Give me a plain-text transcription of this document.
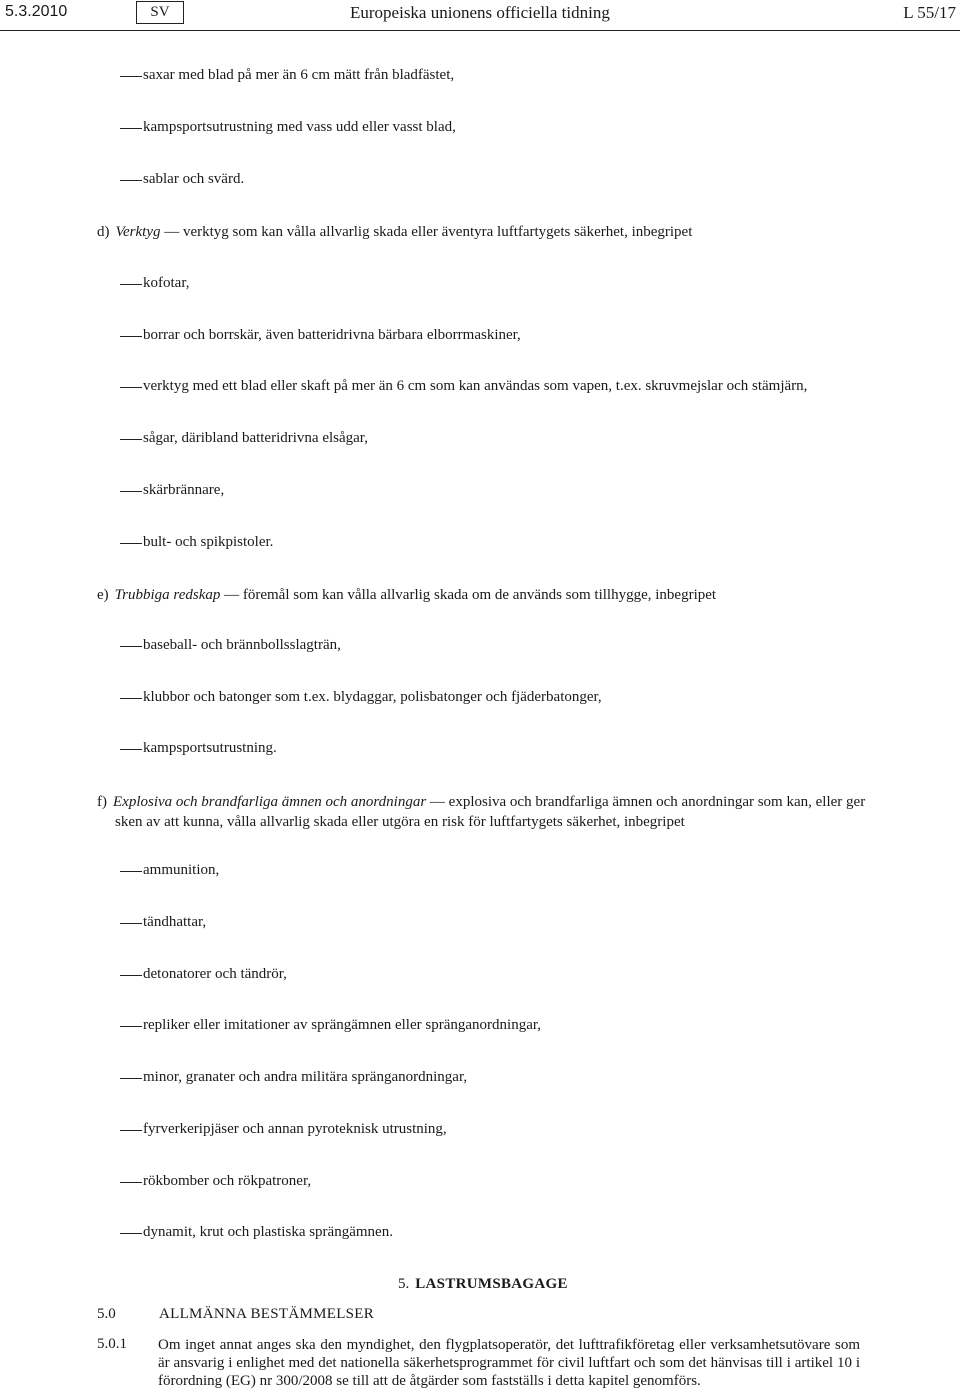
5.3.2010	SV	Europeiska unionens officiella tidning	L 55/17
saxar med blad på mer än 6 cm mätt från bladfästet,
kampsportsutrustning med vass udd eller vasst blad,
sablar och svärd.
d) Verktyg — verktyg som kan vålla allvarlig skada eller äventyra luftfartygets säkerhet, inbegripet
kofotar,
borrar och borrskär, även batteridrivna bärbara elborrmaskiner,
verktyg med ett blad eller skaft på mer än 6 cm som kan användas som vapen, t.ex. skruvmejslar och stämjärn,
sågar, däribland batteridrivna elsågar,
skärbrännare,
bult- och spikpistoler.
e) Trubbiga redskap — föremål som kan vålla allvarlig skada om de används som tillhygge, inbegripet
baseball- och brännbollsslagträn,
klubbor och batonger som t.ex. blydaggar, polisbatonger och fjäderbatonger,
kampsportsutrustning.
f) Explosiva och brandfarliga ämnen och anordningar — explosiva och brandfarliga ämnen och anordningar som kan, eller ger sken av att kunna, vålla allvarlig skada eller utgöra en risk för luftfartygets säkerhet, inbegripet
ammunition,
tändhattar,
detonatorer och tändrör,
repliker eller imitationer av sprängämnen eller spränganordningar,
minor, granater och andra militära spränganordningar,
fyrverkeripjäser och annan pyroteknisk utrustning,
rökbomber och rökpatroner,
dynamit, krut och plastiska sprängämnen.
5. LASTRUMSBAGAGE
5.0	ALLMÄNNA BESTÄMMELSER
5.0.1 Om inget annat anges ska den myndighet, den flygplatsoperatör, det lufttrafikföretag eller verksamhetsutövare som är ansvarig i enlighet med det nationella säkerhetsprogrammet för civil luftfart och som det hänvisas till i artikel 10 i förordning (EG) nr 300/2008 se till att de åtgärder som fastställs i detta kapitel genomförs.
